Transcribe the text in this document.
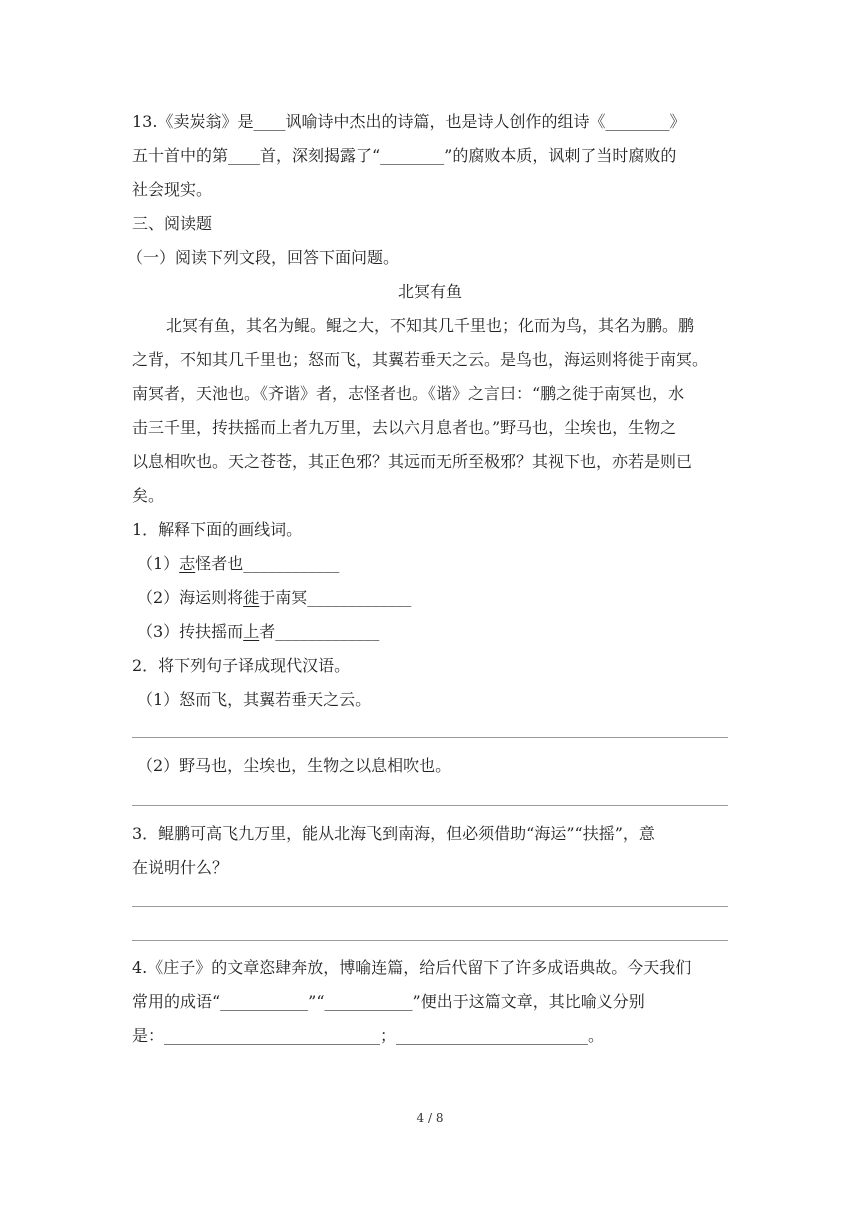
13.《卖炭翁》是____讽喻诗中杰出的诗篇，也是诗人创作的组诗《________》
五十首中的第____首，深刻揭露了“________”的腐败本质，讽刺了当时腐败的
社会现实。
三、阅读题
（一）阅读下列文段，回答下面问题。
北冥有鱼
北冥有鱼，其名为鲲。鲲之大，不知其几千里也；化而为鸟，其名为鹏。鹏
之背，不知其几千里也；怒而飞，其翼若垂天之云。是鸟也，海运则将徙于南冥。
南冥者，天池也。《齐谐》者，志怪者也。《谐》之言曰：“鹏之徙于南冥也，水
击三千里，抟扶摇而上者九万里，去以六月息者也。”野马也，尘埃也，生物之
以息相吹也。天之苍苍，其正色邪？其远而无所至极邪？其视下也，亦若是则已
矣。
1．解释下面的画线词。
（1）志怪者也____________
（2）海运则将徙于南冥_____________
（3）抟扶摇而上者_____________
2．将下列句子译成现代汉语。
（1）怒而飞，其翼若垂天之云。
（2）野马也，尘埃也，生物之以息相吹也。
3．鲲鹏可高飞九万里，能从北海飞到南海，但必须借助“海运”“扶摇”，意
在说明什么？
4.《庄子》的文章恣肆奔放，博喻连篇，给后代留下了许多成语典故。今天我们
常用的成语“___________”“___________”便出于这篇文章，其比喻义分别
是：___________________________；________________________。
4 / 8
